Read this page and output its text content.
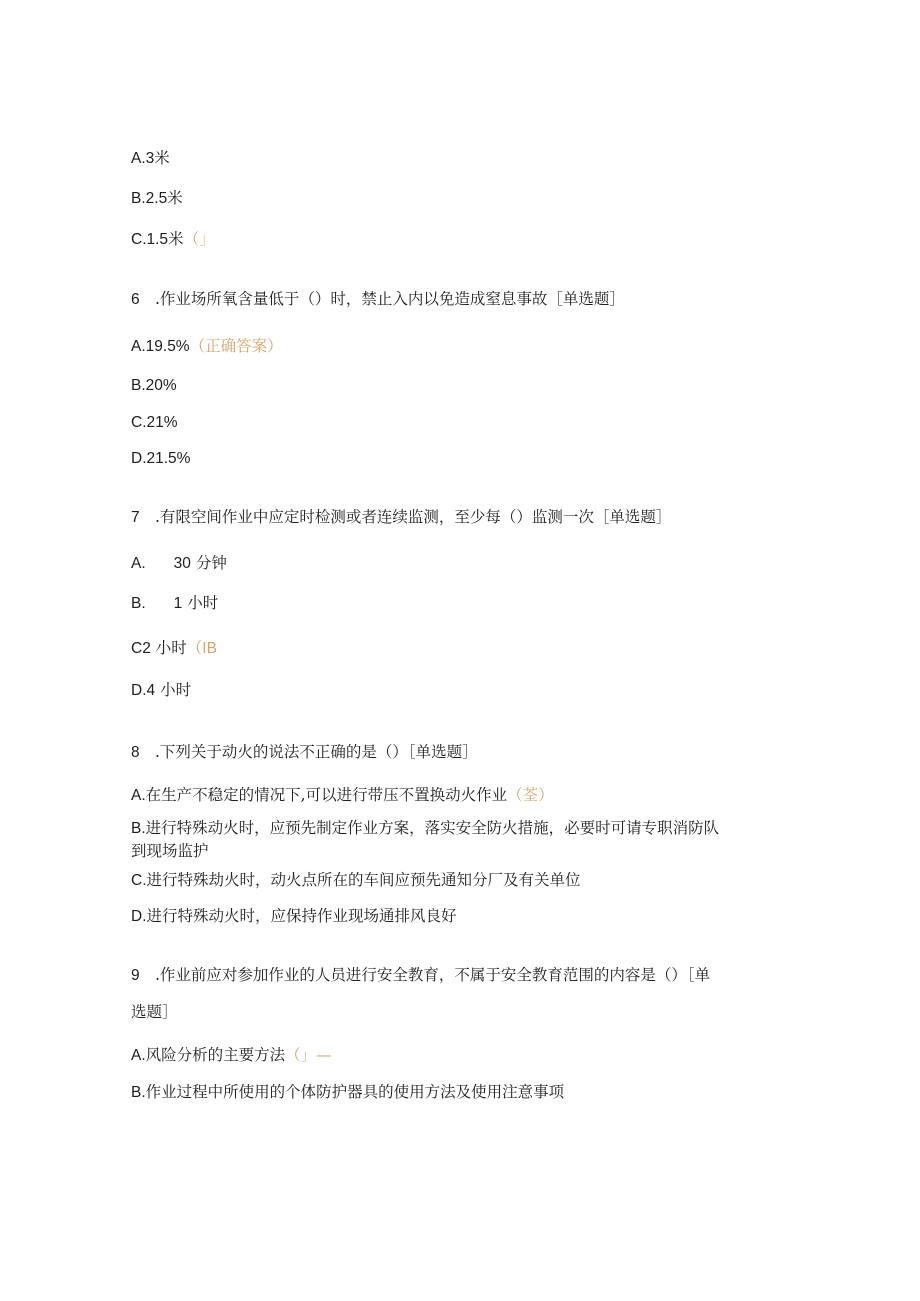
A.3米
B.2.5米
C.1.5米（」
6 .作业场所氧含量低于（）时，禁止入内以免造成窒息事故［单选题］
A.19.5%（正确答案）
B.20%
C.21%
D.21.5%
7 .有限空间作业中应定时检测或者连续监测，至少每（）监测一次［单选题］
A. 30 分钟
B. 1 小时
C2 小时（IB
D.4 小时
8 .下列关于动火的说法不正确的是（）［单选题］
A.在生产不稳定的情况下,可以进行带压不置换动火作业（荃）
B.进行特殊动火时，应预先制定作业方案，落实安全防火措施，必要时可请专职消防队
到现场监护
C.进行特殊劫火时，动火点所在的车间应预先通知分厂及有关单位
D.进行特殊动火时，应保持作业现场通排风良好
9 .作业前应对参加作业的人员进行安全教育，不属于安全教育范围的内容是（）［单
选题］
A.风险分析的主要方法（」—
B.作业过程中所使用的个体防护器具的使用方法及使用注意事项
